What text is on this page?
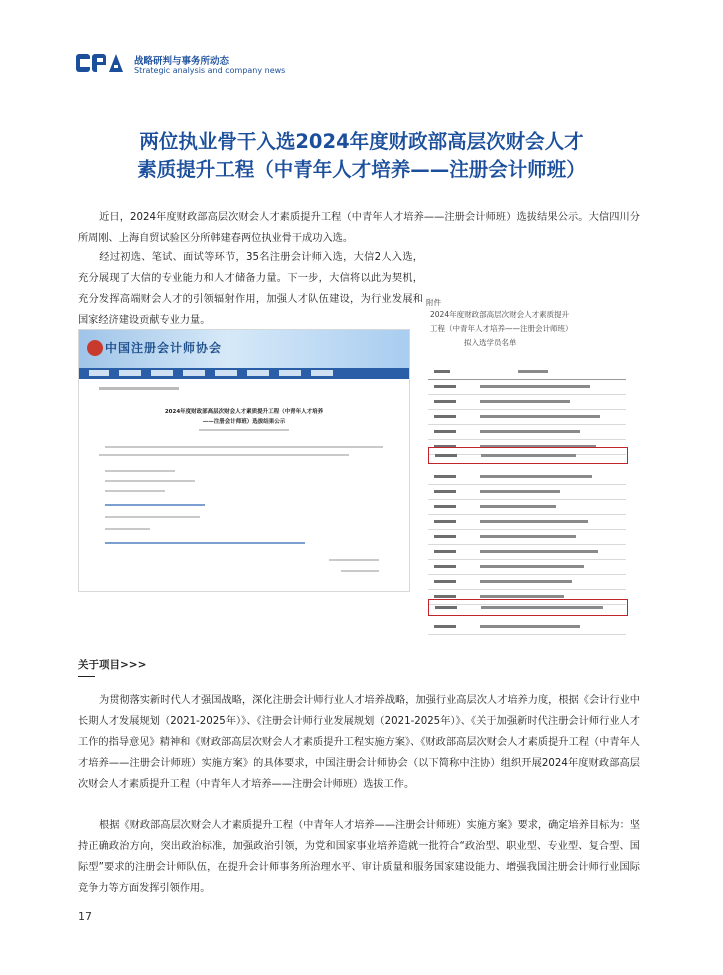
战略研判与事务所动态
Strategic analysis and company news
两位执业骨干入选2024年度财政部高层次财会人才
素质提升工程（中青年人才培养——注册会计师班）
近日，2024年度财政部高层次财会人才素质提升工程（中青年人才培养——注册会计师班）选拔结果公示。大信四川分所周刚、上海自贸试验区分所韩建春两位执业骨干成功入选。
经过初选、笔试、面试等环节，35名注册会计师入选，大信2人入选，充分展现了大信的专业能力和人才储备力量。下一步，大信将以此为契机，充分发挥高端财会人才的引领辐射作用，加强人才队伍建设，为行业发展和国家经济建设贡献专业力量。
中国注册会计师协会
2024年度财政部高层次财会人才素质提升工程（中青年人才培养
——注册会计师班）选拔结果公示
附件
2024年度财政部高层次财会人才素质提升
工程（中青年人才培养——注册会计师班）
拟入选学员名单
关于项目>>>
为贯彻落实新时代人才强国战略，深化注册会计师行业人才培养战略，加强行业高层次人才培养力度，根据《会计行业中长期人才发展规划（2021-2025年）》、《注册会计师行业发展规划（2021-2025年）》、《关于加强新时代注册会计师行业人才工作的指导意见》精神和《财政部高层次财会人才素质提升工程实施方案》、《财政部高层次财会人才素质提升工程（中青年人才培养——注册会计师班）实施方案》的具体要求，中国注册会计师协会（以下简称中注协）组织开展2024年度财政部高层次财会人才素质提升工程（中青年人才培养——注册会计师班）选拔工作。
根据《财政部高层次财会人才素质提升工程（中青年人才培养——注册会计师班）实施方案》要求，确定培养目标为：坚持正确政治方向，突出政治标准，加强政治引领，为党和国家事业培养造就一批符合“政治型、职业型、专业型、复合型、国际型”要求的注册会计师队伍，在提升会计师事务所治理水平、审计质量和服务国家建设能力、增强我国注册会计师行业国际竞争力等方面发挥引领作用。
17
